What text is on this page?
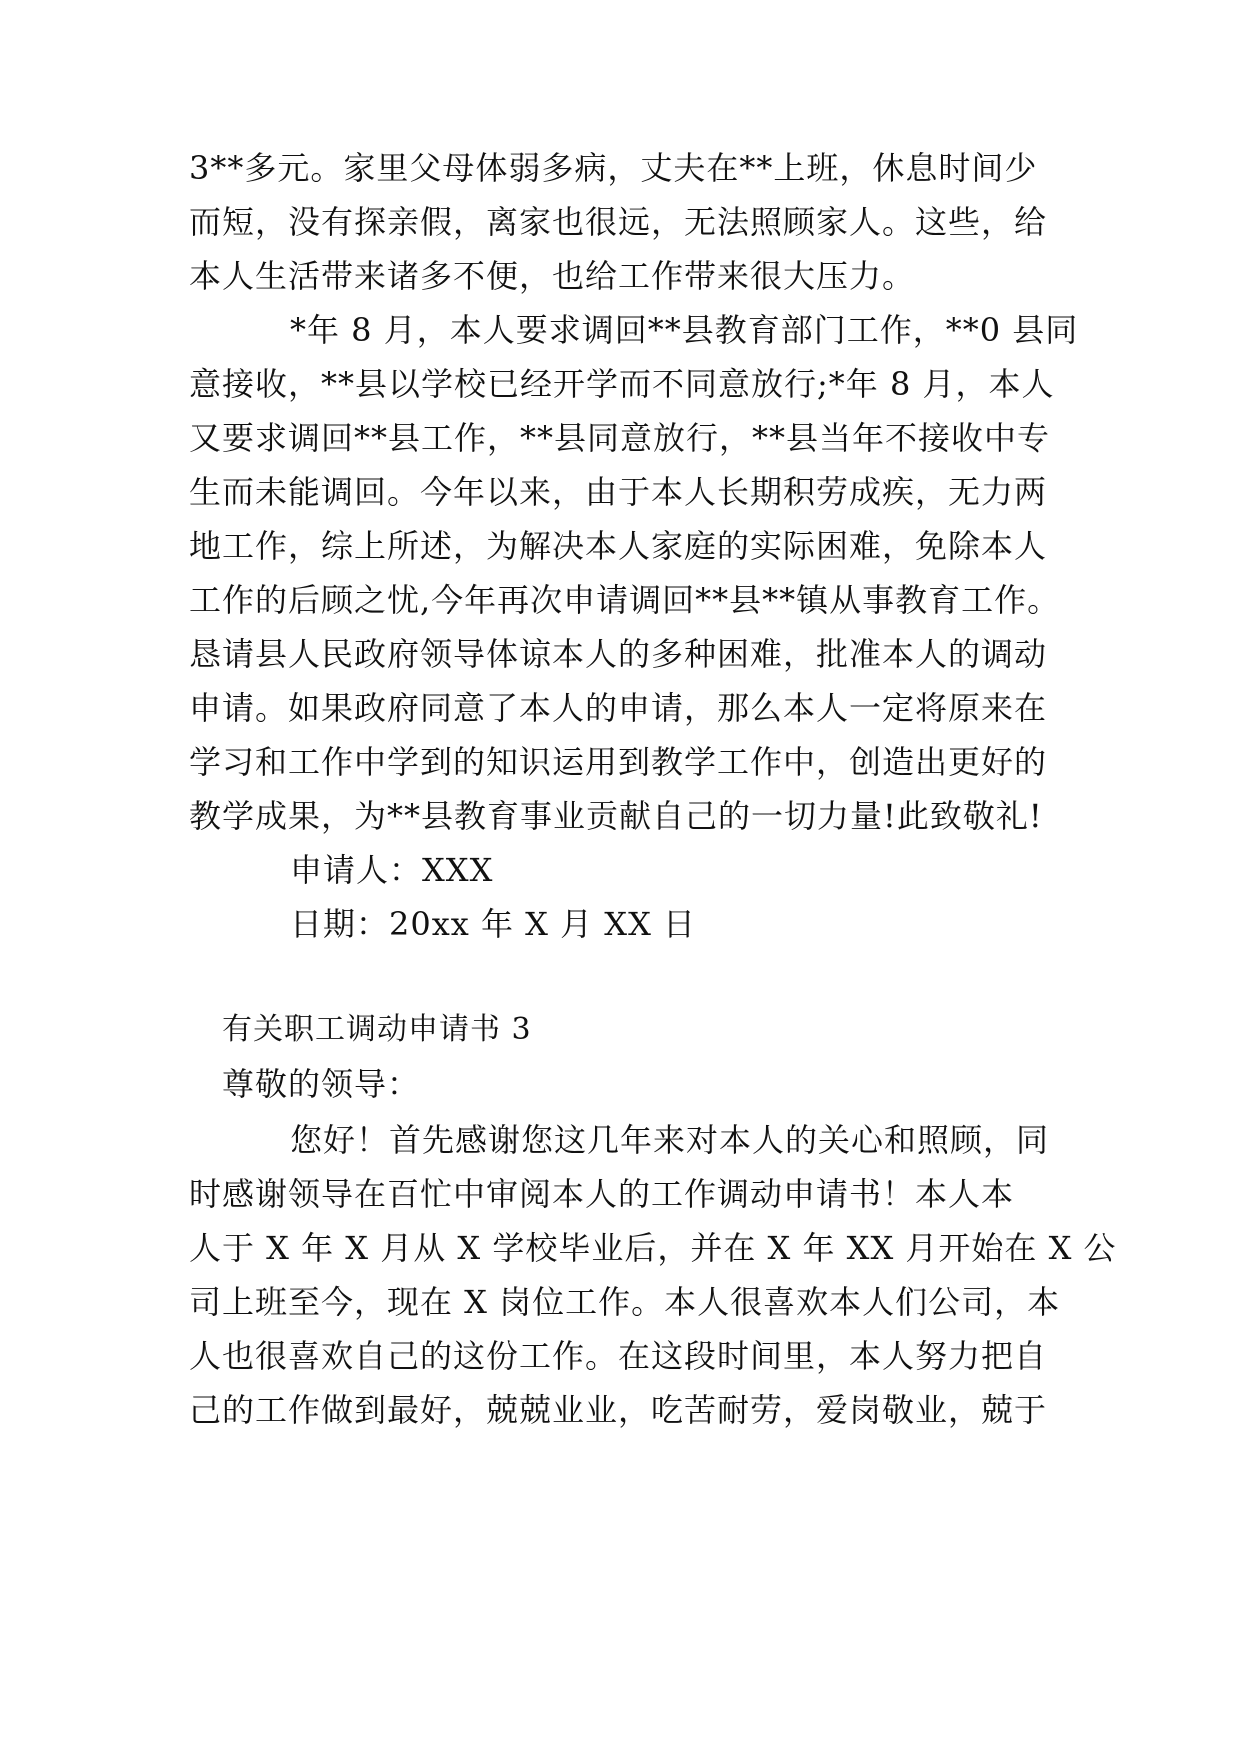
3**多元。家里父母体弱多病，丈夫在**上班，休息时间少
而短，没有探亲假，离家也很远，无法照顾家人。这些，给
本人生活带来诸多不便，也给工作带来很大压力。
*年 8 月，本人要求调回**县教育部门工作，**0 县同
意接收，**县以学校已经开学而不同意放行;*年 8 月，本人
又要求调回**县工作，**县同意放行，**县当年不接收中专
生而未能调回。今年以来，由于本人长期积劳成疾，无力两
地工作，综上所述，为解决本人家庭的实际困难，免除本人
工作的后顾之忧,今年再次申请调回**县**镇从事教育工作。
恳请县人民政府领导体谅本人的多种困难，批准本人的调动
申请。如果政府同意了本人的申请，那么本人一定将原来在
学习和工作中学到的知识运用到教学工作中，创造出更好的
教学成果，为**县教育事业贡献自己的一切力量!此致敬礼!
申请人：XXX
日期：20xx 年 X 月 XX 日
有关职工调动申请书 3
尊敬的领导：
您好！首先感谢您这几年来对本人的关心和照顾，同
时感谢领导在百忙中审阅本人的工作调动申请书！本人本
人于 X 年 X 月从 X 学校毕业后，并在 X 年 XX 月开始在 X 公
司上班至今，现在 X 岗位工作。本人很喜欢本人们公司，本
人也很喜欢自己的这份工作。在这段时间里，本人努力把自
己的工作做到最好，兢兢业业，吃苦耐劳，爱岗敬业，兢于
